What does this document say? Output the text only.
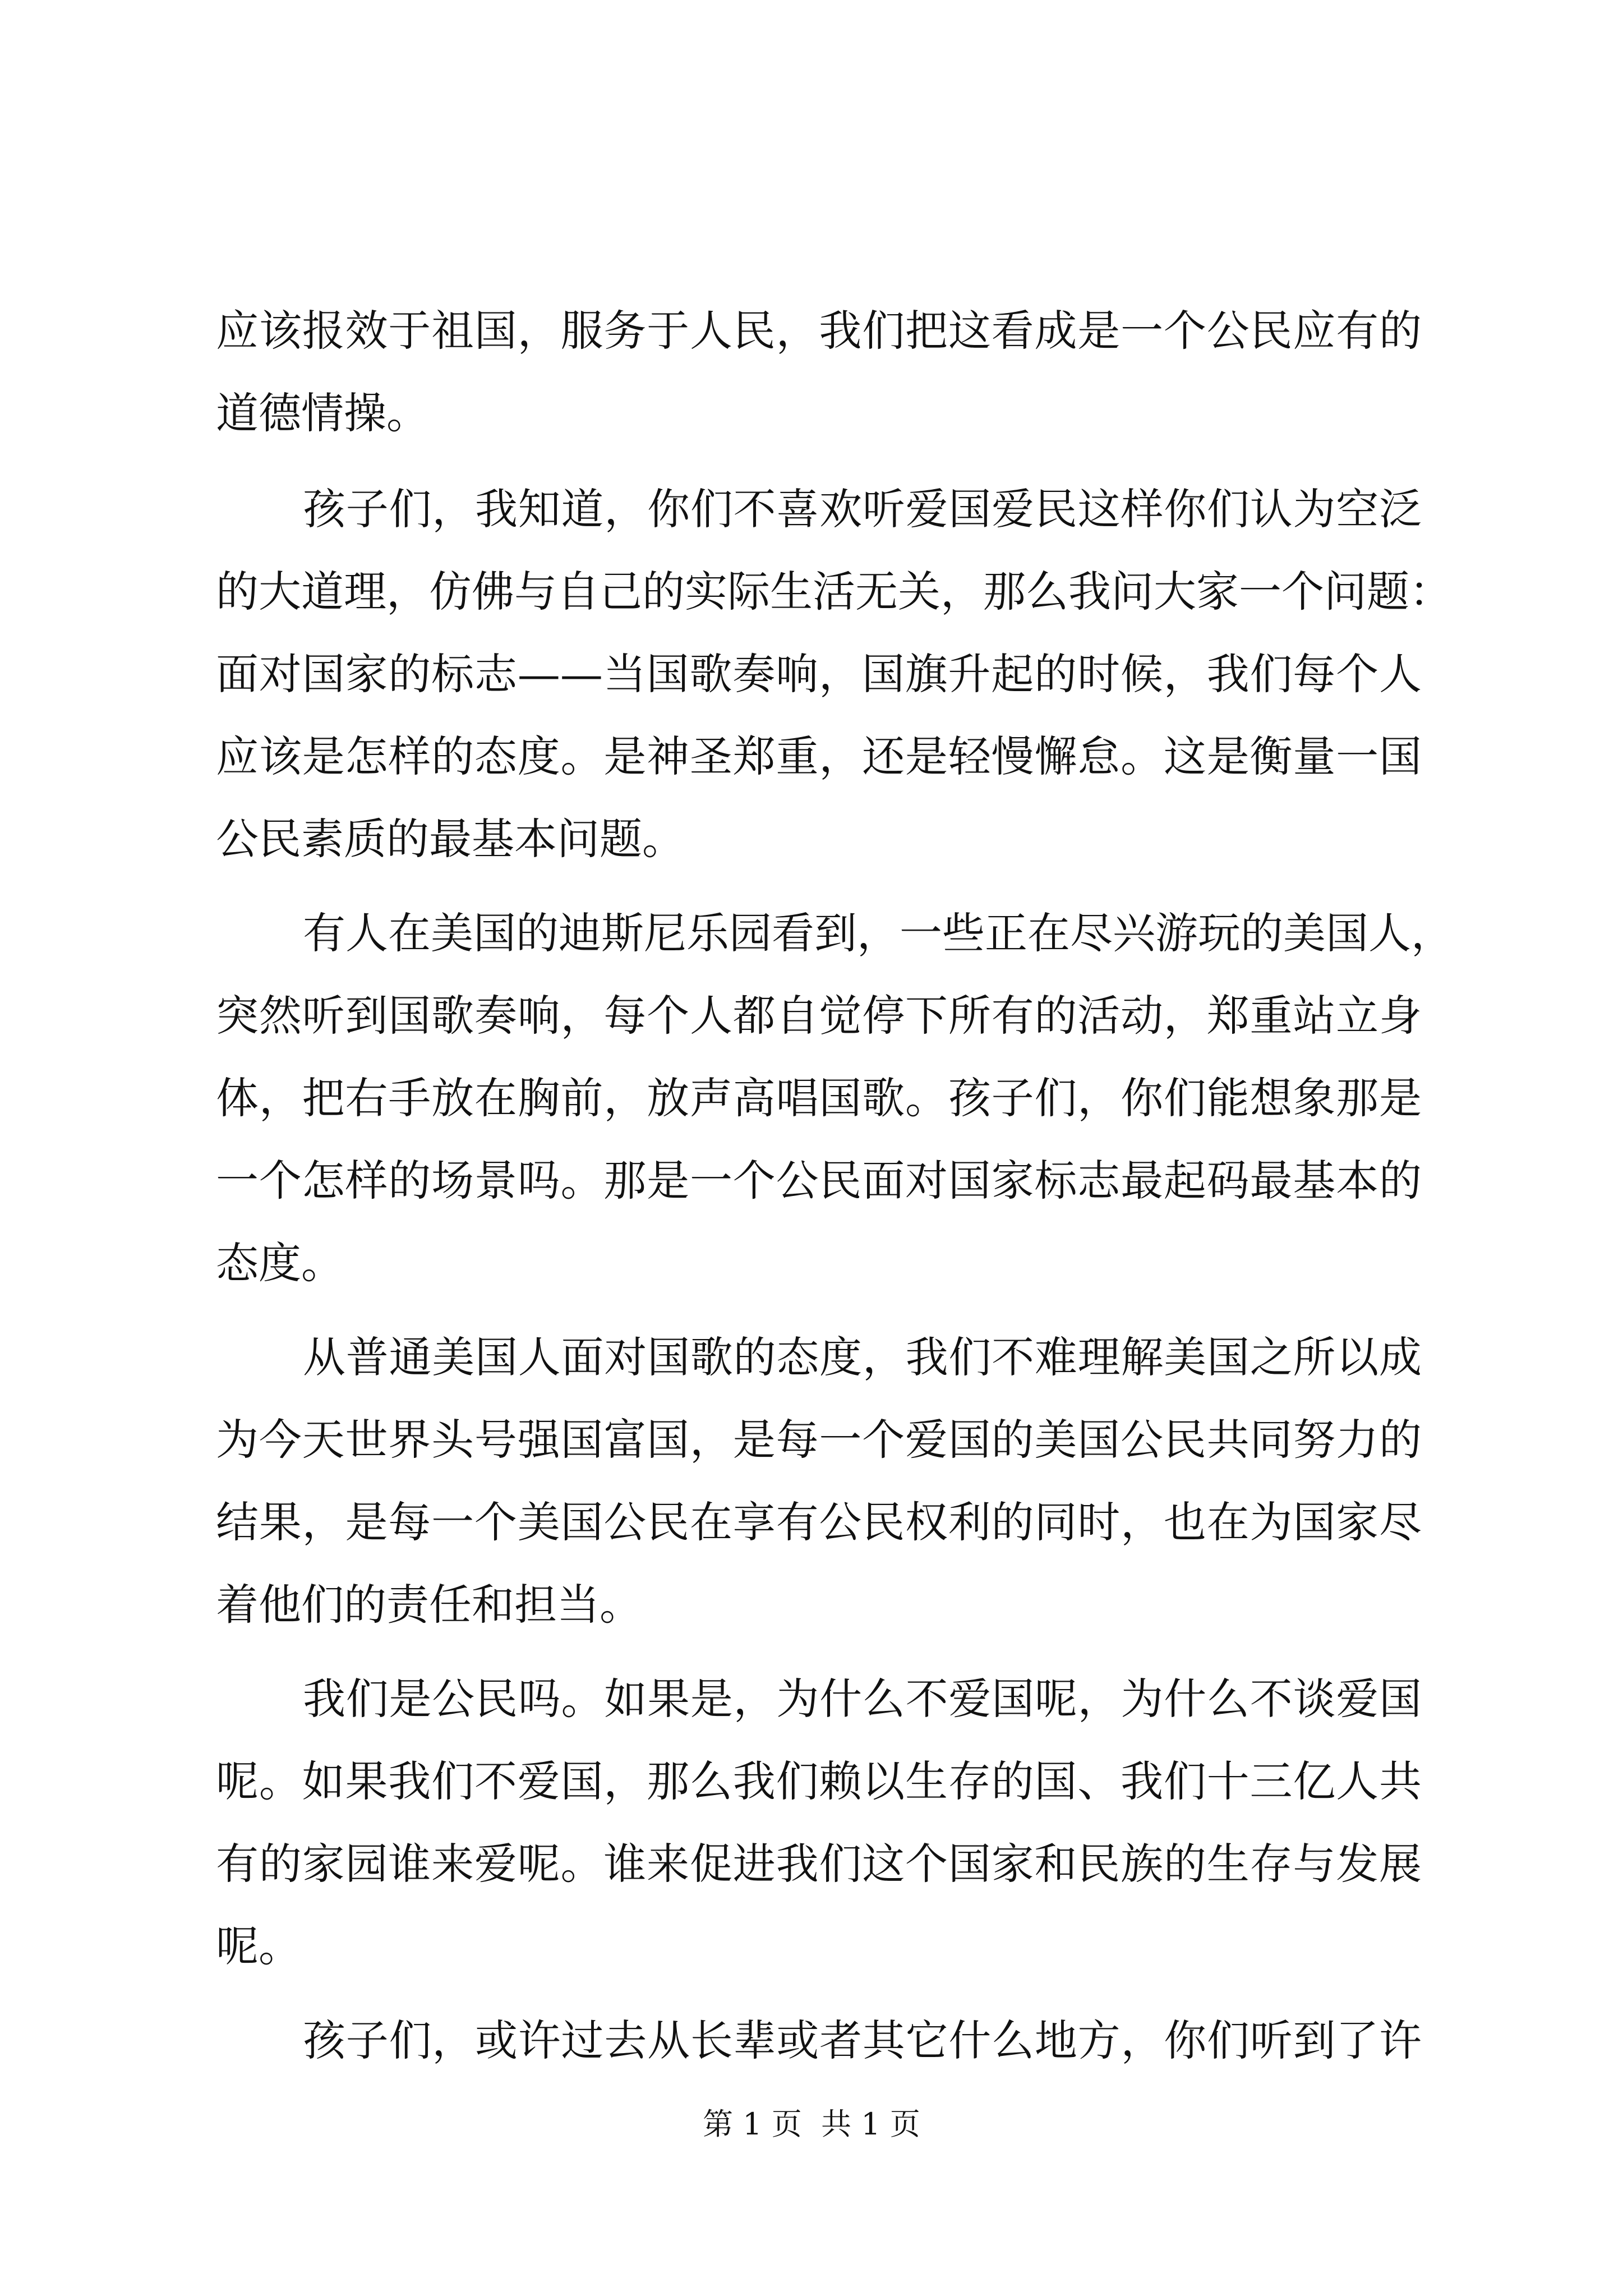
应该报效于祖国，服务于人民，我们把这看成是一个公民应有的
道德情操。
孩子们，我知道，你们不喜欢听爱国爱民这样你们认为空泛
的大道理，仿佛与自己的实际生活无关，那么我问大家一个问题：
面对国家的标志——当国歌奏响，国旗升起的时候，我们每个人
应该是怎样的态度。是神圣郑重，还是轻慢懈怠。这是衡量一国
公民素质的最基本问题。
有人在美国的迪斯尼乐园看到，一些正在尽兴游玩的美国人，
突然听到国歌奏响，每个人都自觉停下所有的活动，郑重站立身
体，把右手放在胸前，放声高唱国歌。孩子们，你们能想象那是
一个怎样的场景吗。那是一个公民面对国家标志最起码最基本的
态度。
从普通美国人面对国歌的态度，我们不难理解美国之所以成
为今天世界头号强国富国，是每一个爱国的美国公民共同努力的
结果，是每一个美国公民在享有公民权利的同时，也在为国家尽
着他们的责任和担当。
我们是公民吗。如果是，为什么不爱国呢，为什么不谈爱国
呢。如果我们不爱国，那么我们赖以生存的国、我们十三亿人共
有的家园谁来爱呢。谁来促进我们这个国家和民族的生存与发展
呢。
孩子们，或许过去从长辈或者其它什么地方，你们听到了许
第 1 页  共 1 页
